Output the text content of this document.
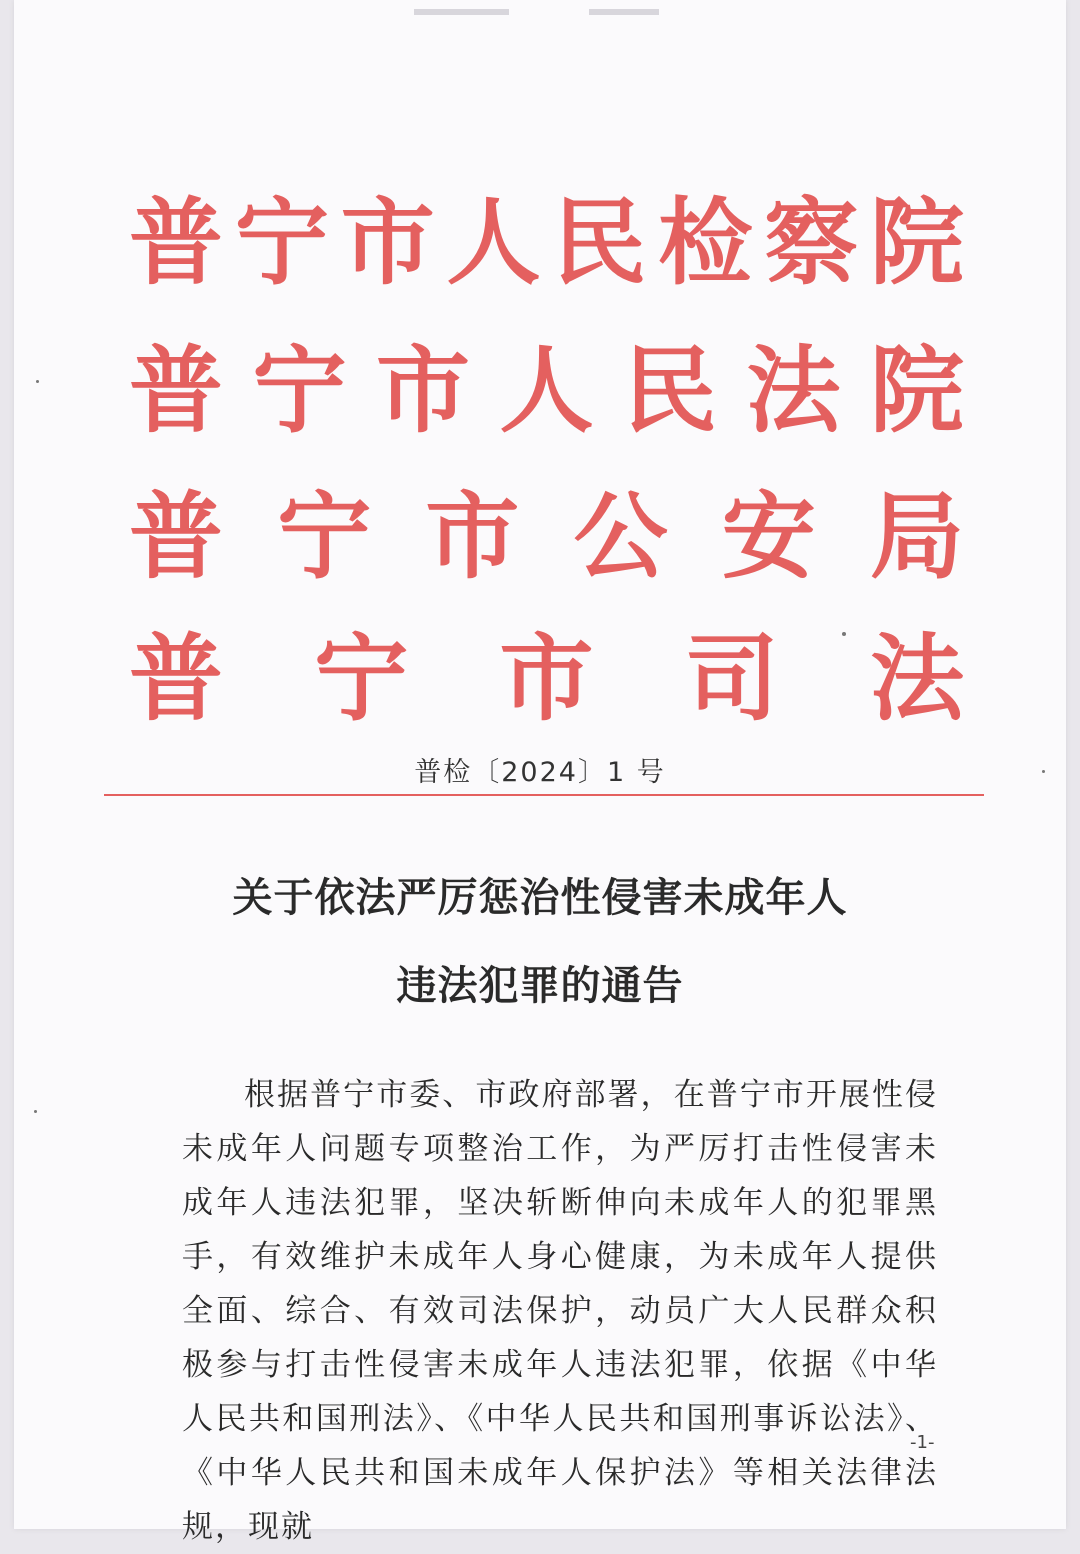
普 宁 市 人 民 检 察 院
普 宁 市 人 民 法 院
普 宁 市 公 安 局
普 宁 市 司 法
普检〔2024〕1 号
关于依法严厉惩治性侵害未成年人
违法犯罪的通告

根据普宁市委、市政府部署，在普宁市开展性侵未成年人问题专项整治工作，为严厉打击性侵害未成年人违法犯罪，坚决斩断伸向未成年人的犯罪黑手，有效维护未成年人身心健康，为未成年人提供全面、综合、有效司法保护，动员广大人民群众积极参与打击性侵害未成年人违法犯罪，依据《中华人民共和国刑法》、《中华人民共和国刑事诉讼法》、《中华人民共和国未成年人保护法》等相关法律法规，现就

-1-
